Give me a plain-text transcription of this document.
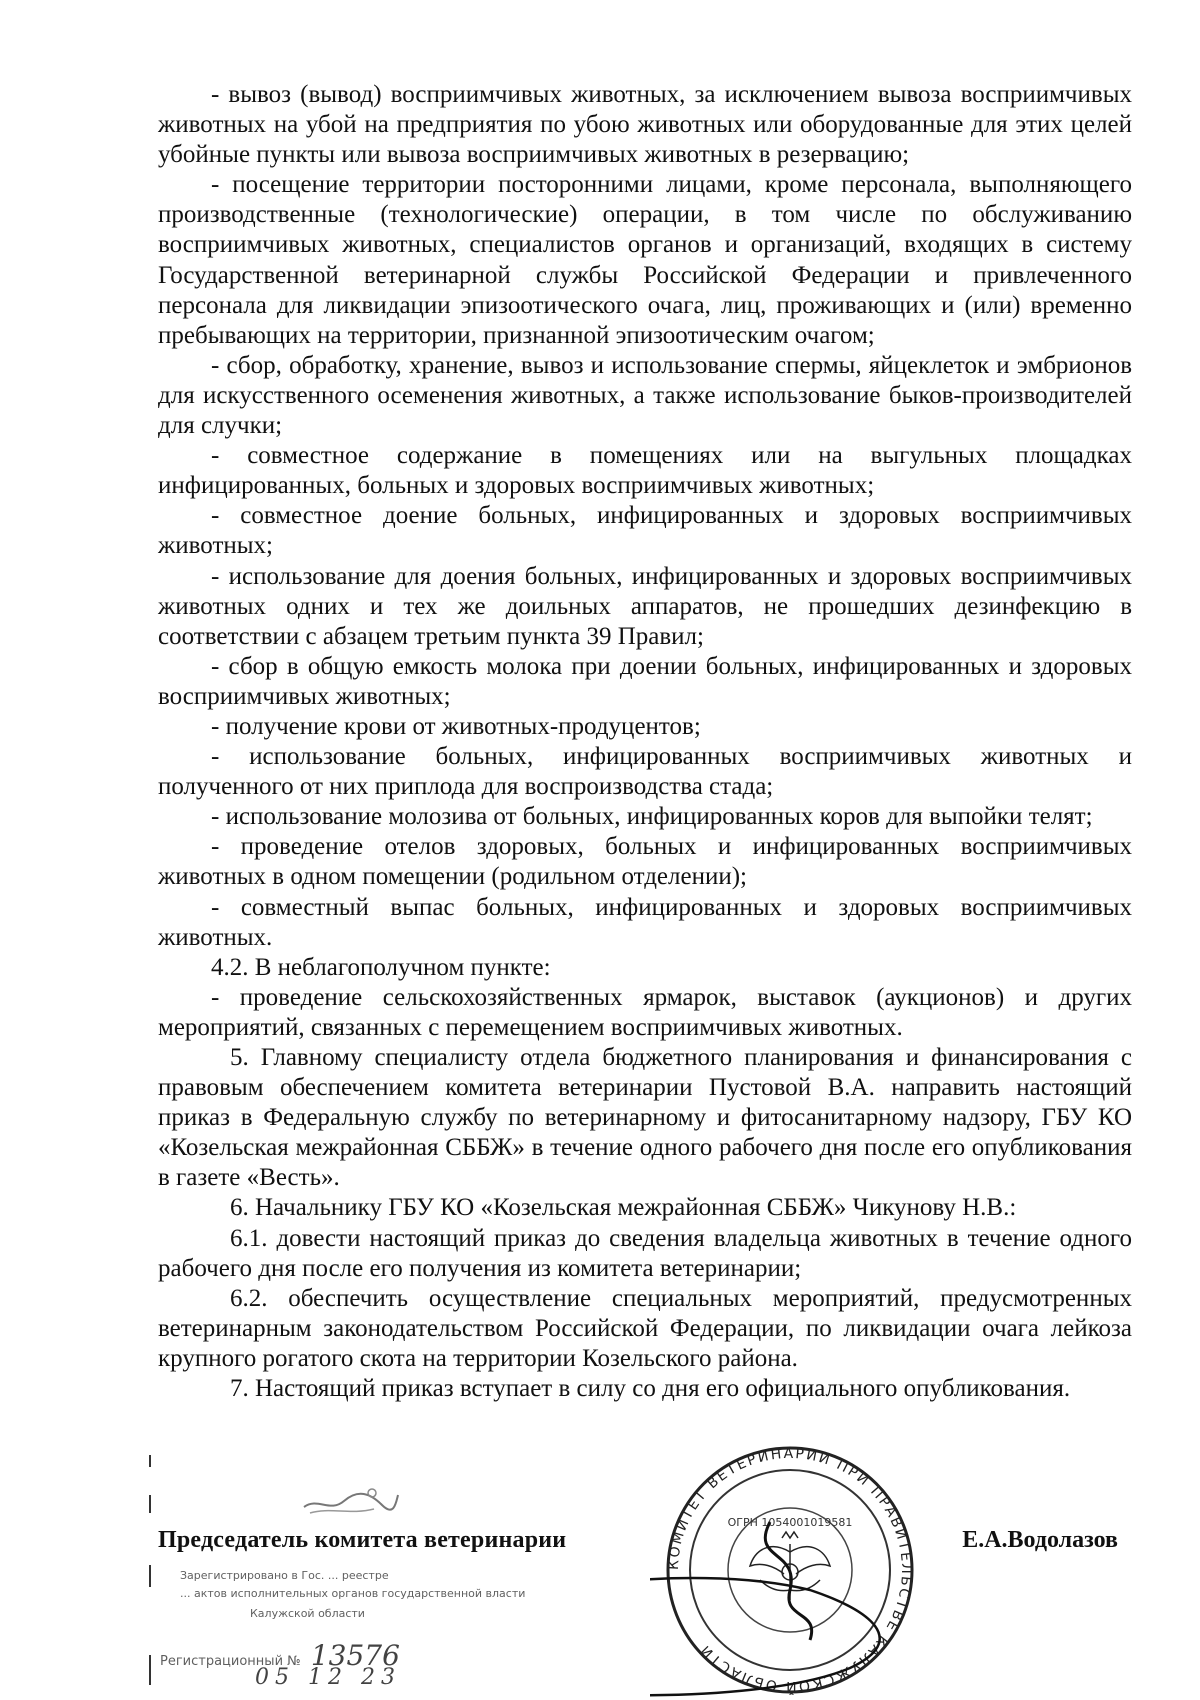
- вывоз (вывод) восприимчивых животных, за исключением вывоза восприимчивых животных на убой на предприятия по убою животных или оборудованные для этих целей убойные пункты или вывоза восприимчивых животных в резервацию;

- посещение территории посторонними лицами, кроме персонала, выполняющего производственные (технологические) операции, в том числе по обслуживанию восприимчивых животных, специалистов органов и организаций, входящих в систему Государственной ветеринарной службы Российской Федерации и привлеченного персонала для ликвидации эпизоотического очага, лиц, проживающих и (или) временно пребывающих на территории, признанной эпизоотическим очагом;

- сбор, обработку, хранение, вывоз и использование спермы, яйцеклеток и эмбрионов для искусственного осеменения животных, а также использование быков-производителей для случки;

- совместное содержание в помещениях или на выгульных площадках инфицированных, больных и здоровых восприимчивых животных;

- совместное доение больных, инфицированных и здоровых восприимчивых животных;

- использование для доения больных, инфицированных и здоровых восприимчивых животных одних и тех же доильных аппаратов, не прошедших дезинфекцию в соответствии с абзацем третьим пункта 39 Правил;

- сбор в общую емкость молока при доении больных, инфицированных и здоровых восприимчивых животных;

- получение крови от животных-продуцентов;

- использование больных, инфицированных восприимчивых животных и полученного от них приплода для воспроизводства стада;

- использование молозива от больных, инфицированных коров для выпойки телят;

- проведение отелов здоровых, больных и инфицированных восприимчивых животных в одном помещении (родильном отделении);

- совместный выпас больных, инфицированных и здоровых восприимчивых животных.

4.2. В неблагополучном пункте:

- проведение сельскохозяйственных ярмарок, выставок (аукционов) и других мероприятий, связанных с перемещением восприимчивых животных.

5. Главному специалисту отдела бюджетного планирования и финансирования с правовым обеспечением комитета ветеринарии Пустовой В.А. направить настоящий приказ в Федеральную службу по ветеринарному и фитосанитарному надзору, ГБУ КО «Козельская межрайонная СББЖ» в течение одного рабочего дня после его опубликования в газете «Весть».

6. Начальнику ГБУ КО «Козельская межрайонная СББЖ» Чикунову Н.В.:

6.1. довести настоящий приказ до сведения владельца животных в течение одного рабочего дня после его получения из комитета ветеринарии;

6.2. обеспечить осуществление специальных мероприятий, предусмотренных ветеринарным законодательством Российской Федерации, по ликвидации очага лейкоза крупного рогатого скота на территории Козельского района.

7. Настоящий приказ вступает в силу со дня его официального опубликования.

Председатель комитета ветеринарии	Е.А.Водолазов
Зарегистрировано в Гос. ... реестре
... актов исполнительных органов государственной власти
Калужской области
Регистрационный № 13576
05 12 23
КОМИТЕТ ВЕТЕРИНАРИИ ПРИ ПРАВИТЕЛЬСТВЕ КАЛУЖСКОЙ ОБЛАСТИ
ОГРН 1054001019581
